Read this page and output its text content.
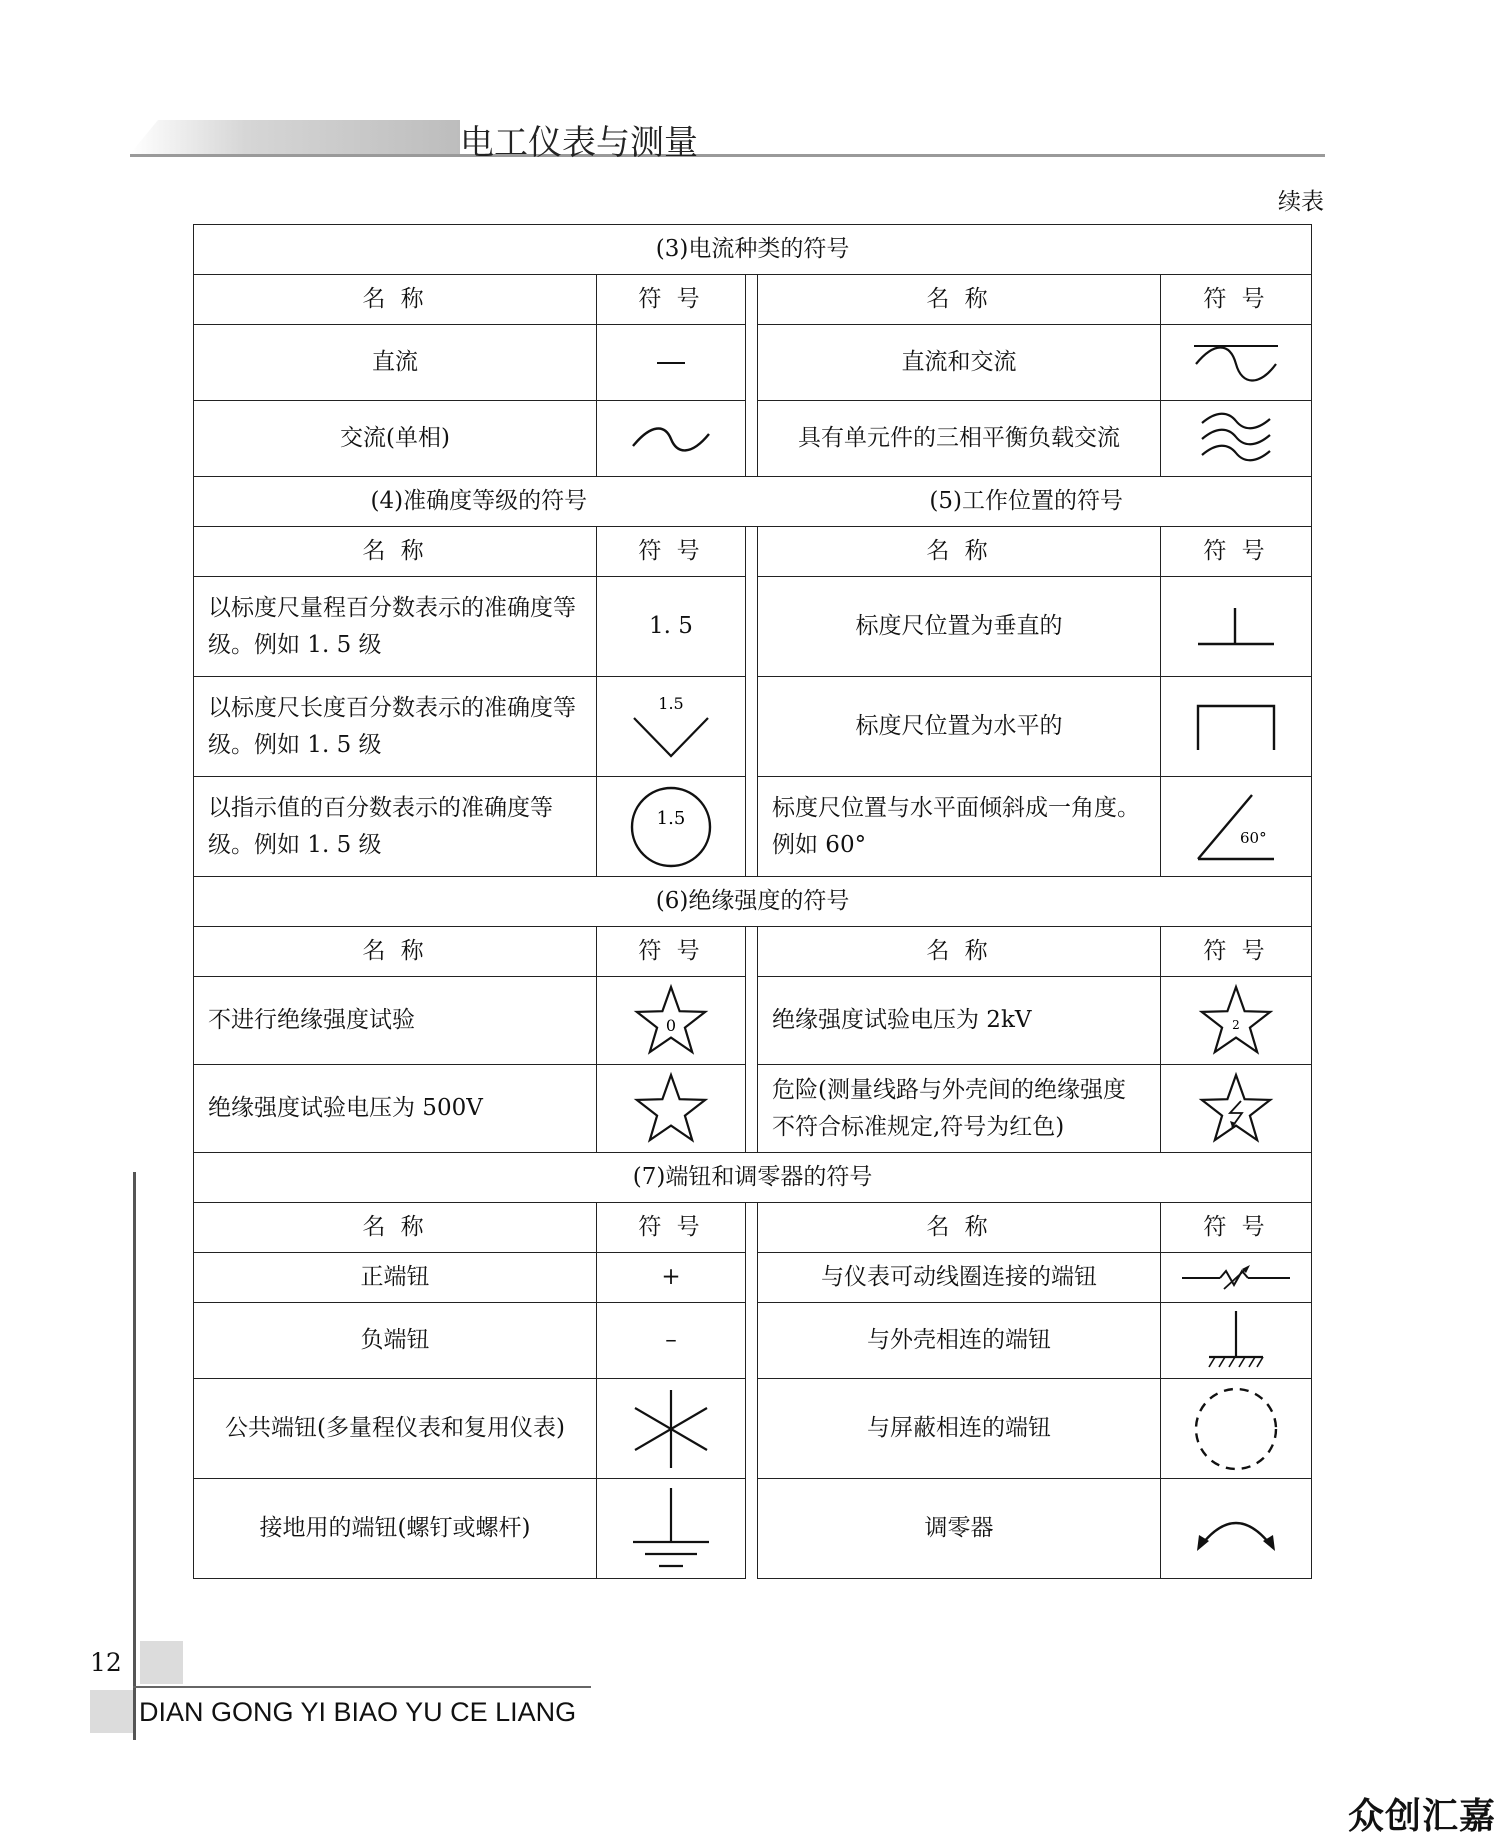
电工仪表与测量
续表
(3)电流种类的符号				
名 称	符 号		名 称	符 号
直流			直流和交流	

交流(单相)			具有单元件的三相平衡负载交流	

(4)准确度等级的符号 (5)工作位置的符号				
名 称	符 号		名 称	符 号
以标度尺量程百分数表示的准确度等级。例如 1. 5 级	1. 5		标度尺位置为垂直的	

以标度尺长度百分数表示的准确度等级。例如 1. 5 级	1.5		标度尺位置为水平的	

以指示值的百分数表示的准确度等级。例如 1. 5 级	1.5		标度尺位置与水平面倾斜成一角度。例如 60°	60°

(6)绝缘强度的符号				
名 称	符 号		名 称	符 号
不进行绝缘强度试验	0		绝缘强度试验电压为 2kV	2

绝缘强度试验电压为 500V			危险(测量线路与外壳间的绝缘强度不符合标准规定,符号为红色)	

(7)端钮和调零器的符号				
名 称	符 号		名 称	符 号
正端钮	+		与仪表可动线圈连接的端钮	

负端钮	–		与外壳相连的端钮	

公共端钮(多量程仪表和复用仪表)			与屏蔽相连的端钮	

接地用的端钮(螺钉或螺杆)			调零器	
12
DIAN GONG YI BIAO YU CE LIANG
众创汇嘉
